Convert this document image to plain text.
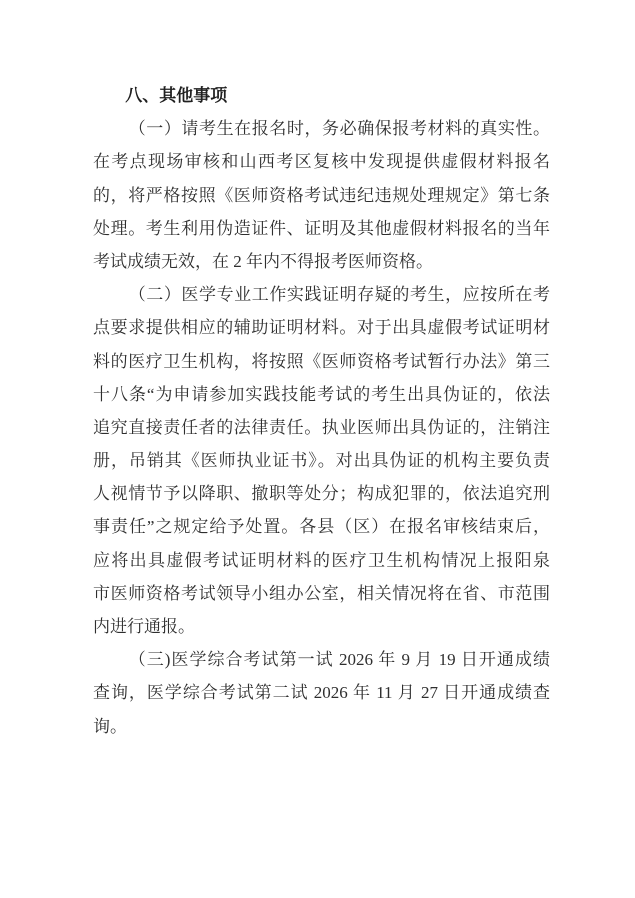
八、其他事项
（一）请考生在报名时，务必确保报考材料的真实性。
在考点现场审核和山西考区复核中发现提供虚假材料报名
的，将严格按照《医师资格考试违纪违规处理规定》第七条
处理。考生利用伪造证件、证明及其他虚假材料报名的当年
考试成绩无效，在 2 年内不得报考医师资格。
（二）医学专业工作实践证明存疑的考生，应按所在考
点要求提供相应的辅助证明材料。对于出具虚假考试证明材
料的医疗卫生机构，将按照《医师资格考试暂行办法》第三
十八条“为申请参加实践技能考试的考生出具伪证的，依法
追究直接责任者的法律责任。执业医师出具伪证的，注销注
册，吊销其《医师执业证书》。对出具伪证的机构主要负责
人视情节予以降职、撤职等处分；构成犯罪的，依法追究刑
事责任”之规定给予处置。各县（区）在报名审核结束后，
应将出具虚假考试证明材料的医疗卫生机构情况上报阳泉
市医师资格考试领导小组办公室，相关情况将在省、市范围
内进行通报。
（三)医学综合考试第一试 2026 年 9 月 19 日开通成绩
查询，医学综合考试第二试 2026 年 11 月 27 日开通成绩查
询。
